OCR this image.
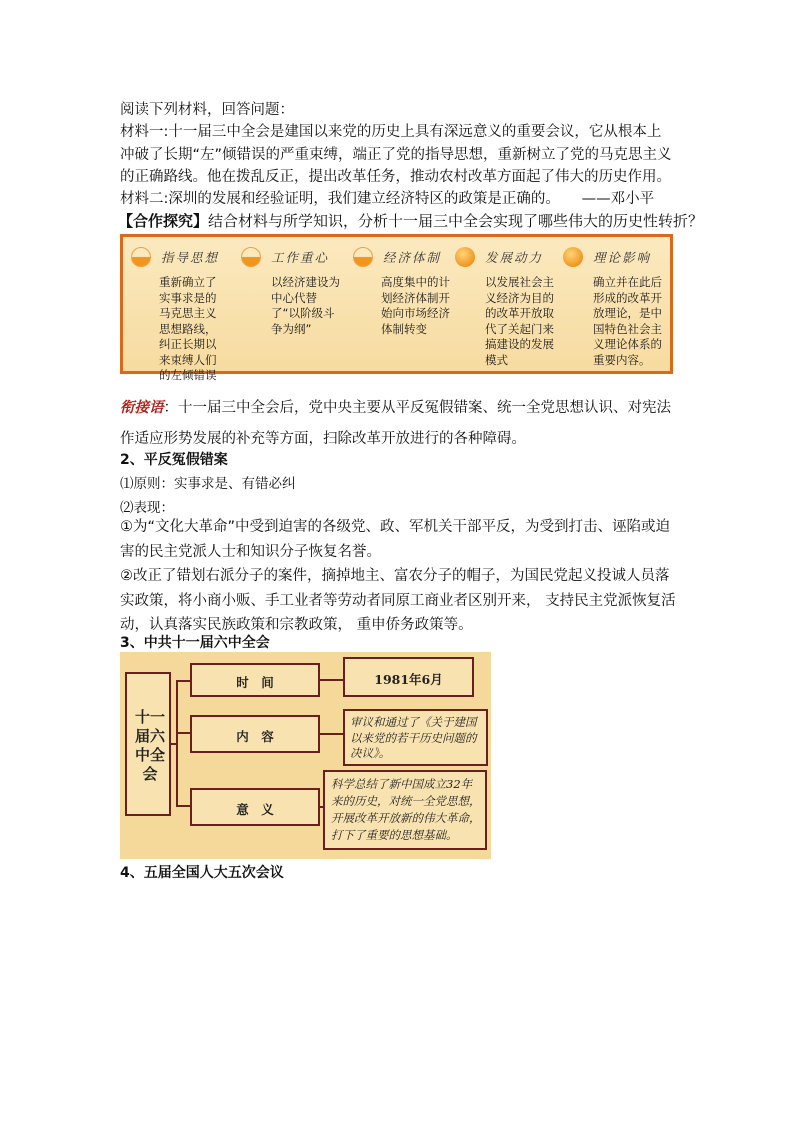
阅读下列材料，回答问题：
材料一:十一届三中全会是建国以来党的历史上具有深远意义的重要会议，它从根本上冲破了长期“左”倾错误的严重束缚，端正了党的指导思想，重新树立了党的马克思主义的正确路线。他在拨乱反正，提出改革任务，推动农村改革方面起了伟大的历史作用。
材料二:深圳的发展和经验证明，我们建立经济特区的政策是正确的。　　——邓小平

【合作探究】结合材料与所学知识，分析十一届三中全会实现了哪些伟大的历史性转折？
指导思想
重新确立了实事求是的马克思主义思想路线，纠正长期以来束缚人们的左倾错误
工作重心
以经济建设为中心代替了“以阶级斗争为纲”
经济体制
高度集中的计划经济体制开始向市场经济体制转变
发展动力
以发展社会主义经济为目的的改革开放取代了关起门来搞建设的发展模式
理论影响
确立并在此后形成的改革开放理论，是中国特色社会主义理论体系的重要内容。

衔接语：十一届三中全会后，党中央主要从平反冤假错案、统一全党思想认识、对宪法作适应形势发展的补充等方面，扫除改革开放进行的各种障碍。

2、平反冤假错案
⑴原则：实事求是、有错必纠
⑵表现：

①为“文化大革命”中受到迫害的各级党、政、军机关干部平反，为受到打击、诬陷或迫害的民主党派人士和知识分子恢复名誉。

②改正了错划右派分子的案件，摘掉地主、富农分子的帽子，为国民党起义投诚人员落实政策，将小商小贩、手工业者等劳动者同原工商业者区别开来， 支持民主党派恢复活动，认真落实民族政策和宗教政策， 重申侨务政策等。

3、中共十一届六中全会
十一届六中全会
时　间	1981年6月
内　容
审议和通过了《关于建国以来党的若干历史问题的决议》。
意　义
科学总结了新中国成立32年来的历史，对统一全党思想，开展改革开放新的伟大革命，打下了重要的思想基础。
4、五届全国人大五次会议
